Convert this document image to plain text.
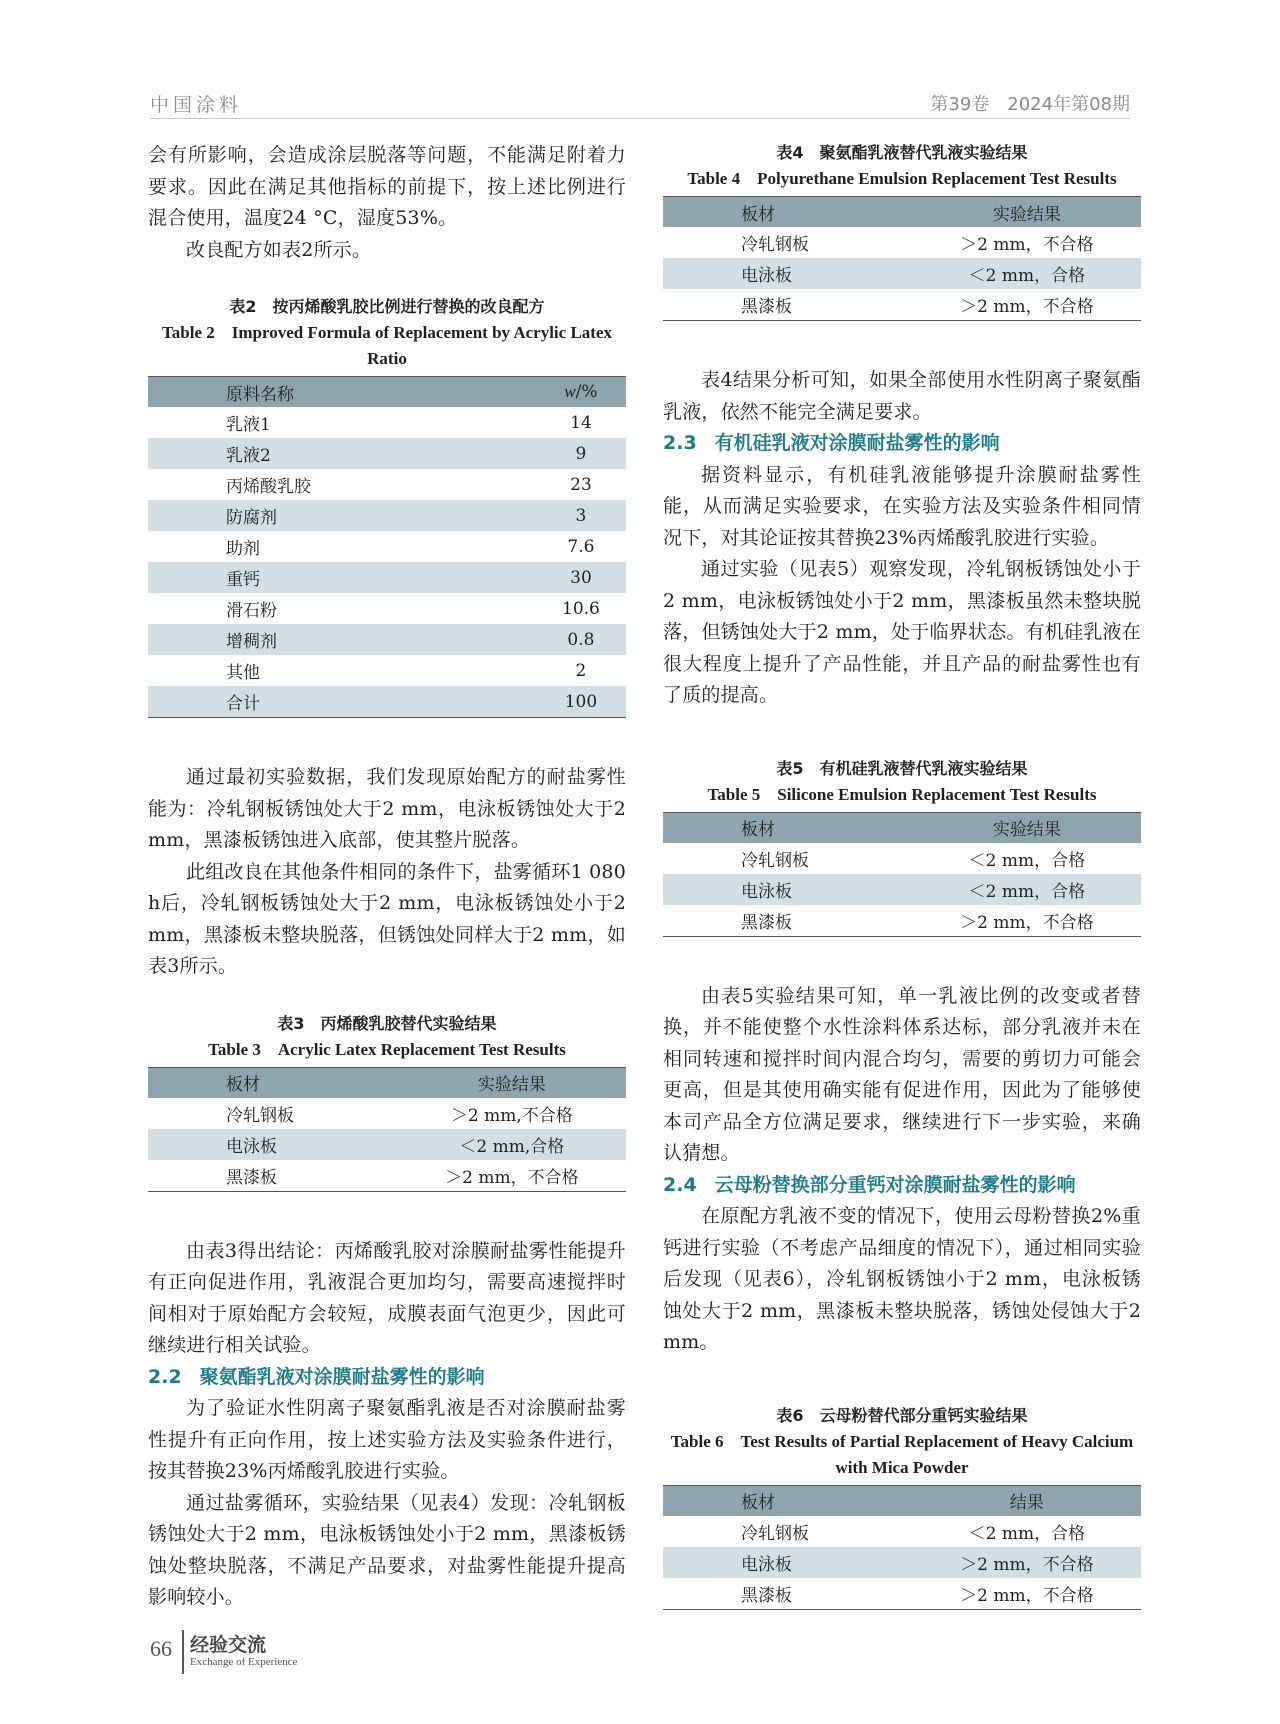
中国涂料	第39卷　2024年第08期

会有所影响，会造成涂层脱落等问题，不能满足附着力要求。因此在满足其他指标的前提下，按上述比例进行混合使用，温度24 °C，湿度53%。

改良配方如表2所示。

表2　按丙烯酸乳胶比例进行替换的改良配方

Table 2　Improved Formula of Replacement by Acrylic Latex Ratio

原料名称	w/%
乳液1	14
乳液2	9
丙烯酸乳胶	23
防腐剂	3
助剂	7.6
重钙	30
滑石粉	10.6
增稠剂	0.8
其他	2
合计	100

通过最初实验数据，我们发现原始配方的耐盐雾性能为：冷轧钢板锈蚀处大于2 mm，电泳板锈蚀处大于2 mm，黑漆板锈蚀进入底部，使其整片脱落。

此组改良在其他条件相同的条件下，盐雾循环1 080 h后，冷轧钢板锈蚀处大于2 mm，电泳板锈蚀处小于2 mm，黑漆板未整块脱落，但锈蚀处同样大于2 mm，如表3所示。

表3　丙烯酸乳胶替代实验结果

Table 3　Acrylic Latex Replacement Test Results

板材	实验结果
冷轧钢板	＞2 mm,不合格
电泳板	＜2 mm,合格
黑漆板	＞2 mm，不合格

由表3得出结论：丙烯酸乳胶对涂膜耐盐雾性能提升有正向促进作用，乳液混合更加均匀，需要高速搅拌时间相对于原始配方会较短，成膜表面气泡更少，因此可继续进行相关试验。

2.2 聚氨酯乳液对涂膜耐盐雾性的影响

为了验证水性阴离子聚氨酯乳液是否对涂膜耐盐雾性提升有正向作用，按上述实验方法及实验条件进行，按其替换23%丙烯酸乳胶进行实验。

通过盐雾循环，实验结果（见表4）发现：冷轧钢板锈蚀处大于2 mm，电泳板锈蚀处小于2 mm，黑漆板锈蚀处整块脱落，不满足产品要求，对盐雾性能提升提高影响较小。

表4　聚氨酯乳液替代乳液实验结果

Table 4　Polyurethane Emulsion Replacement Test Results

板材	实验结果
冷轧钢板	＞2 mm，不合格
电泳板	＜2 mm，合格
黑漆板	＞2 mm，不合格

表4结果分析可知，如果全部使用水性阴离子聚氨酯乳液，依然不能完全满足要求。

2.3 有机硅乳液对涂膜耐盐雾性的影响

据资料显示，有机硅乳液能够提升涂膜耐盐雾性能，从而满足实验要求，在实验方法及实验条件相同情况下，对其论证按其替换23%丙烯酸乳胶进行实验。

通过实验（见表5）观察发现，冷轧钢板锈蚀处小于2 mm，电泳板锈蚀处小于2 mm，黑漆板虽然未整块脱落，但锈蚀处大于2 mm，处于临界状态。有机硅乳液在很大程度上提升了产品性能，并且产品的耐盐雾性也有了质的提高。

表5　有机硅乳液替代乳液实验结果

Table 5　Silicone Emulsion Replacement Test Results

板材	实验结果
冷轧钢板	＜2 mm，合格
电泳板	＜2 mm，合格
黑漆板	＞2 mm，不合格

由表5实验结果可知，单一乳液比例的改变或者替换，并不能使整个水性涂料体系达标，部分乳液并未在相同转速和搅拌时间内混合均匀，需要的剪切力可能会更高，但是其使用确实能有促进作用，因此为了能够使本司产品全方位满足要求，继续进行下一步实验，来确认猜想。

2.4 云母粉替换部分重钙对涂膜耐盐雾性的影响

在原配方乳液不变的情况下，使用云母粉替换2%重钙进行实验（不考虑产品细度的情况下），通过相同实验后发现（见表6），冷轧钢板锈蚀小于2 mm，电泳板锈蚀处大于2 mm，黑漆板未整块脱落，锈蚀处侵蚀大于2 mm。

表6　云母粉替代部分重钙实验结果

Table 6　Test Results of Partial Replacement of Heavy Calcium with Mica Powder

板材	结果
冷轧钢板	＜2 mm，合格
电泳板	＞2 mm，不合格
黑漆板	＞2 mm，不合格
66 经验交流
Exchange of Experience
